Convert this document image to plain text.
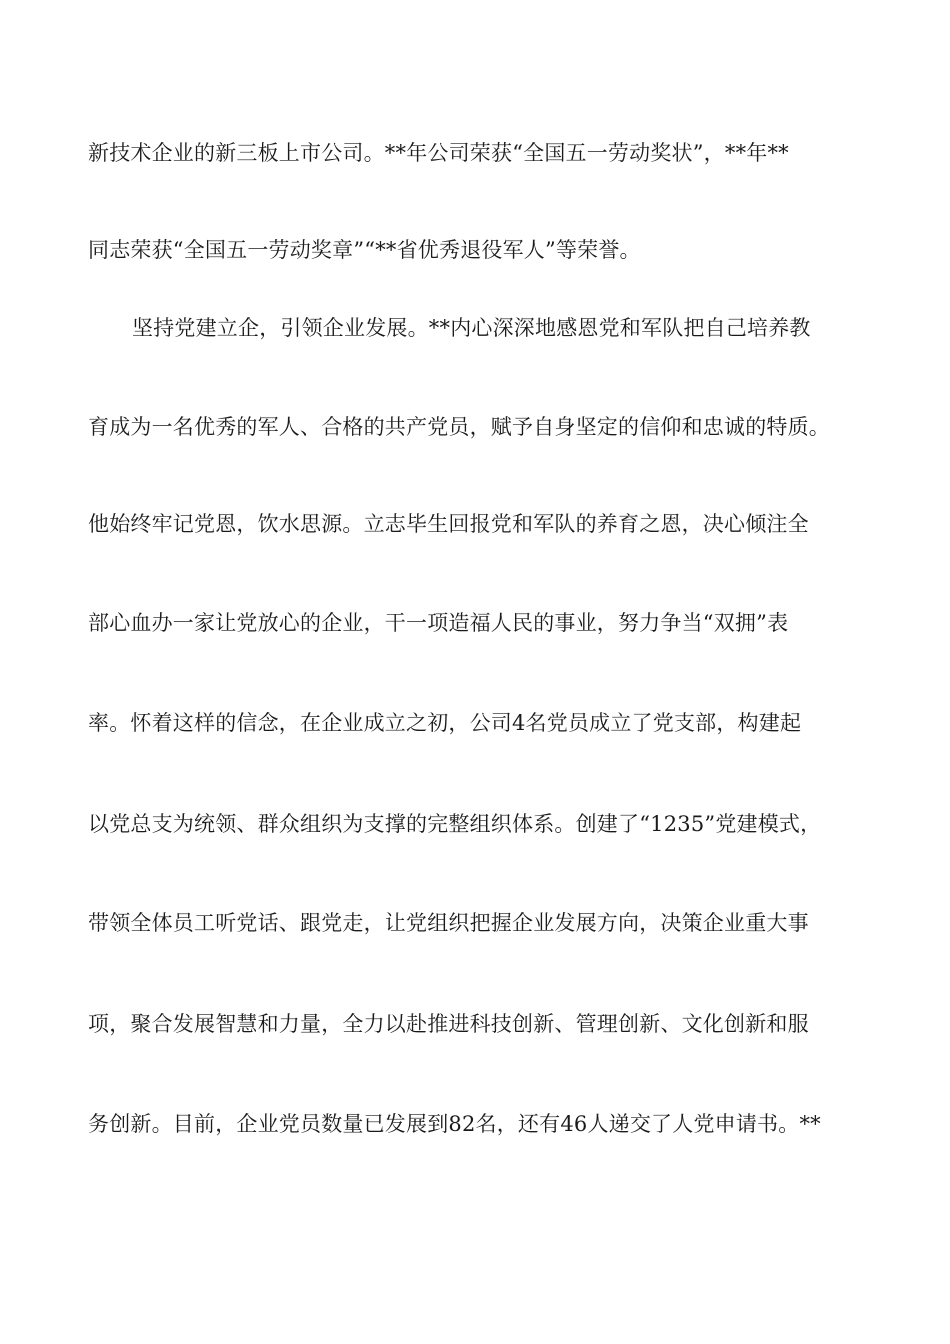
新技术企业的新三板上市公司。**年公司荣获“全国五一劳动奖状”，**年**
同志荣获“全国五一劳动奖章”“**省优秀退役军人”等荣誉。
坚持党建立企，引领企业发展。**内心深深地感恩党和军队把自己培养教
育成为一名优秀的军人、合格的共产党员，赋予自身坚定的信仰和忠诚的特质。
他始终牢记党恩，饮水思源。立志毕生回报党和军队的养育之恩，决心倾注全
部心血办一家让党放心的企业，干一项造福人民的事业，努力争当“双拥”表
率。怀着这样的信念，在企业成立之初，公司4名党员成立了党支部，构建起
以党总支为统领、群众组织为支撑的完整组织体系。创建了“1235”党建模式，
带领全体员工听党话、跟党走，让党组织把握企业发展方向，决策企业重大事
项，聚合发展智慧和力量，全力以赴推进科技创新、管理创新、文化创新和服
务创新。目前，企业党员数量已发展到82名，还有46人递交了人党申请书。**
